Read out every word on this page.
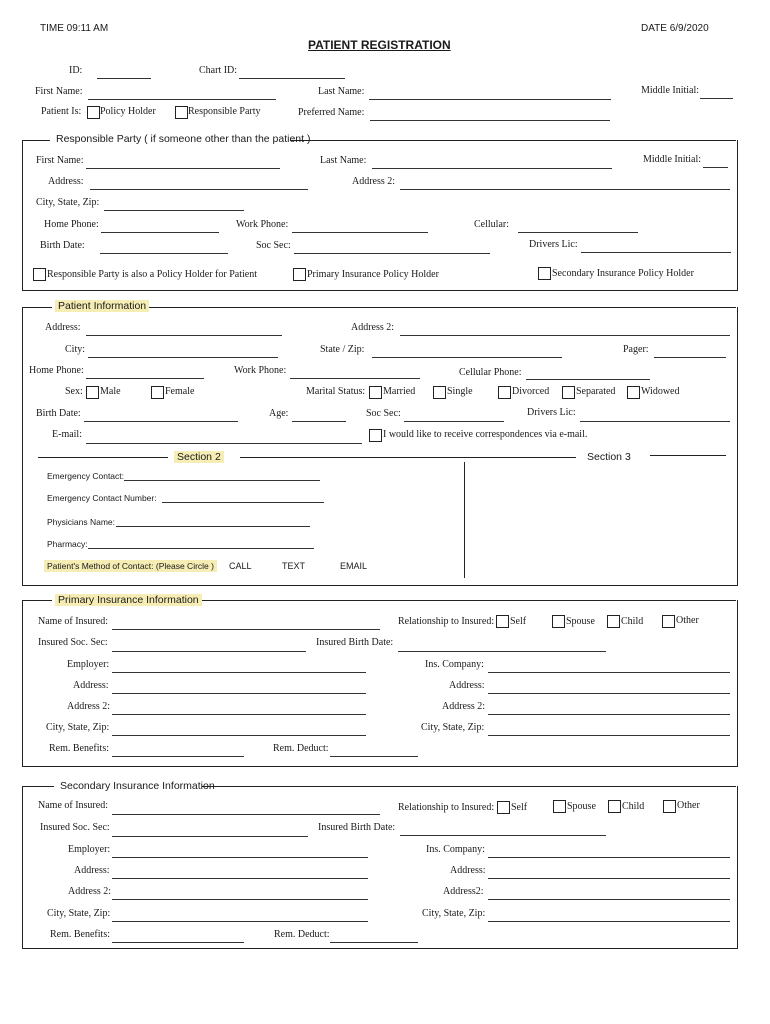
TIME 09:11 AM	DATE 6/9/2020
PATIENT REGISTRATION
ID:	Chart ID:
First Name:	Last Name:	Middle Initial:
Patient Is: Policy Holder	Responsible Party	Preferred Name:
Responsible Party ( if someone other than the patient )
First Name:	Last Name:	Middle Initial:
Address:	Address 2:
City, State, Zip:
Home Phone:	Work Phone:	Cellular:
Birth Date:	Soc Sec:	Drivers Lic:
Responsible Party is also a Policy Holder for Patient	Primary Insurance Policy Holder	Secondary Insurance Policy Holder
Patient Information
Address:	Address 2:
City:	State / Zip:	Pager:
Home Phone:	Work Phone:	Cellular Phone:
Sex: Male	Female	Marital Status: Married	Single	Divorced	Separated	Widowed
Birth Date:	Age:	Soc Sec:	Drivers Lic:
E-mail:	I would like to receive correspondences via e-mail.
Section 2	Section 3
Emergency Contact:
Emergency Contact Number:
Physicians Name:
Pharmacy:
Patient's Method of Contact: (Please Circle )	CALL	TEXT	EMAIL
Primary Insurance Information
Name of Insured:	Relationship to Insured: Self	Spouse	Child	Other
Insured Soc. Sec:	Insured Birth Date:
Employer:	Ins. Company:
Address:	Address:
Address 2:	Address 2:
City, State, Zip:	City, State, Zip:
Rem. Benefits:	Rem. Deduct:
Secondary Insurance Information
Name of Insured:	Relationship to Insured: Self	Spouse	Child	Other
Insured Soc. Sec:	Insured Birth Date:
Employer:	Ins. Company:
Address:	Address:
Address 2:	Address2:
City, State, Zip:	City, State, Zip:
Rem. Benefits:	Rem. Deduct:
